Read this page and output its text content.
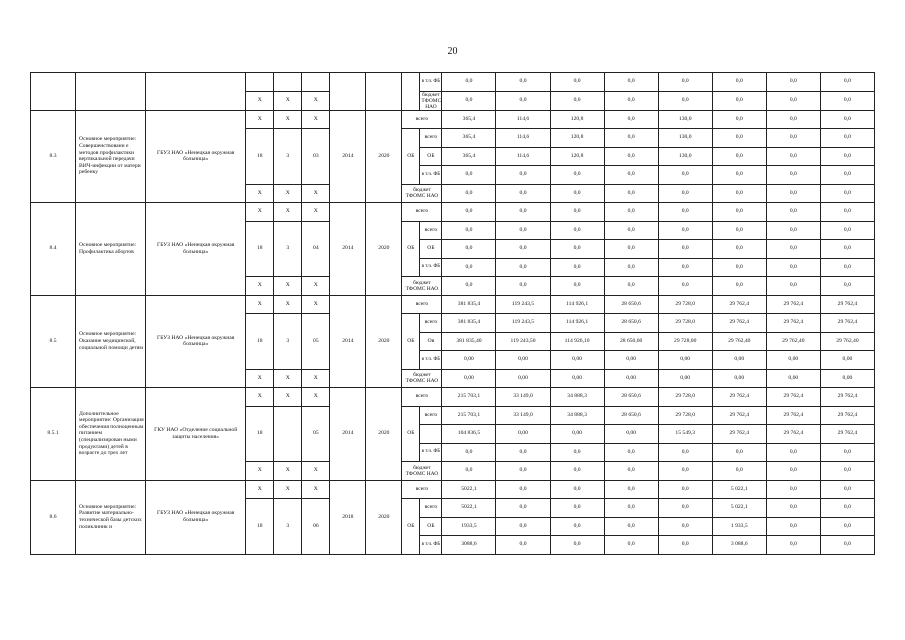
20
									в т.ч. ФБ	0,0	0,0	0,0	0,0	0,0	0,0	0,0	0,0
			X	X	X				бюджет ТФОМС НАО	0,0	0,0	0,0	0,0	0,0	0,0	0,0	0,0
8.3	Основное мероприятие: Совершенствовани е методов профилактики вертикальной передачи ВИЧ-инфекции от матери ребенку	ГБУЗ НАО «Ненецкая окружная больница»	X	X	X	2014	2020	всего		365,4	114,6	120,8	0,0	130,0	0,0	0,0	0,0
			18	3	03			ОБ	всего	365,4	114,6	120,8	0,0	130,0	0,0	0,0	0,0
									ОБ	365,4	114,6	120,8	0,0	130,0	0,0	0,0	0,0
									в т.ч. ФБ	0,0	0,0	0,0	0,0	0,0	0,0	0,0	0,0
			X	X	X			бюджет ТФОМС НАО		0,0	0,0	0,0	0,0	0,0	0,0	0,0	0,0
8.4	Основное мероприятие: Профилактика абортов	ГБУЗ НАО «Ненецкая окружная больница»	X	X	X	2014	2020	всего		0,0	0,0	0,0	0,0	0,0	0,0	0,0	0,0
			18	3	04			ОБ	всего	0,0	0,0	0,0	0,0	0,0	0,0	0,0	0,0
									ОБ	0,0	0,0	0,0	0,0	0,0	0,0	0,0	0,0
									в т.ч. ФБ	0,0	0,0	0,0	0,0	0,0	0,0	0,0	0,0
			X	X	X			бюджет ТФОМС НАО		0,0	0,0	0,0	0,0	0,0	0,0	0,0	0,0
8.5	Основное мероприятие: Оказание медицинской, социальной помощи детям	ГБУЗ НАО «Ненецкая окружная больница»	X	X	X	2014	2020	всего		381 835,4	119 243,5	114 926,1	28 650,6	29 728,0	29 762,4	29 762,4	29 762,4
			18	3	05			ОБ	всего	381 835,4	119 243,5	114 926,1	28 650,6	29 728,0	29 762,4	29 762,4	29 762,4
									Ов	381 835,40	119 243,50	114 926,10	28 650,60	29 728,00	29 762,40	29 762,40	29 762,40
									в т.ч. ФБ	0,00	0,00	0,00	0,00	0,00	0,00	0,00	0,00
			X	X	X			бюджет ТФОМС НАО		0,00	0,00	0,00	0,00	0,00	0,00	0,00	0,00
8.5.1	Дополнительное мероприятие: Организация обеспечения полноценным питанием (специализирован ными продуктами) детей в возрасте до трех лет	ГКУ НАО «Отделение социальной защиты населения»	X	X	X	2014	2020	всего		215 703,1	33 149,0	34 888,3	28 650,6	29 728,0	29 762,4	29 762,4	29 762,4
			18		05			ОБ	всего	215 703,1	33 149,0	34 888,3	28 650,6	29 728,0	29 762,4	29 762,4	29 762,4
										104 836,5	0,00	0,00	0,00	15 549,3	29 762,4	29 762,4	29 762,4
									в т.ч. ФБ	0,0	0,0	0,0	0,0	0,0	0,0	0,0	0,0
			X	X	X			бюджет ТФОМС НАО		0,0	0,0	0,0	0,0	0,0	0,0	0,0	0,0
8.6	Основное мероприятие: Развитие материально-технической базы детских поликлиник и	ГБУЗ НАО «Ненецкая окружная больница»	X	X	X	2018	2020	всего		5022,1	0,0	0,0	0,0	0,0	5 022,1	0,0	0,0
			18	3	06			ОБ	всего	5022,1	0,0	0,0	0,0	0,0	5 022,1	0,0	0,0
									ОБ	1933,5	0,0	0,0	0,0	0,0	1 933,5	0,0	0,0
									в т.ч. ФБ	3088,6	0,0	0,0	0,0	0,0	3 088,6	0,0	0,0
